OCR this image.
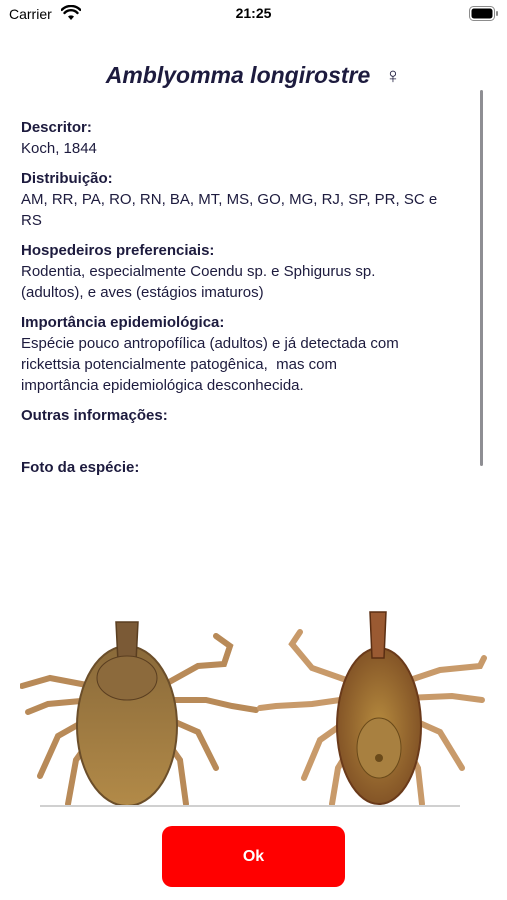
Carrier	21:25
Amblyomma longirostre ♀
Descritor:
Koch, 1844
Distribuição:
AM, RR, PA, RO, RN, BA, MT, MS, GO, MG, RJ, SP, PR, SC e
RS
Hospedeiros preferenciais:
Rodentia, especialmente Coendu sp. e Sphigurus sp.
(adultos), e aves (estágios imaturos)
Importância epidemiológica:
Espécie pouco antropofílica (adultos) e já detectada com
rickettsia potencialmente patogênica,  mas com
importância epidemiológica desconhecida.
Outras informações:
Foto da espécie:
Ok
